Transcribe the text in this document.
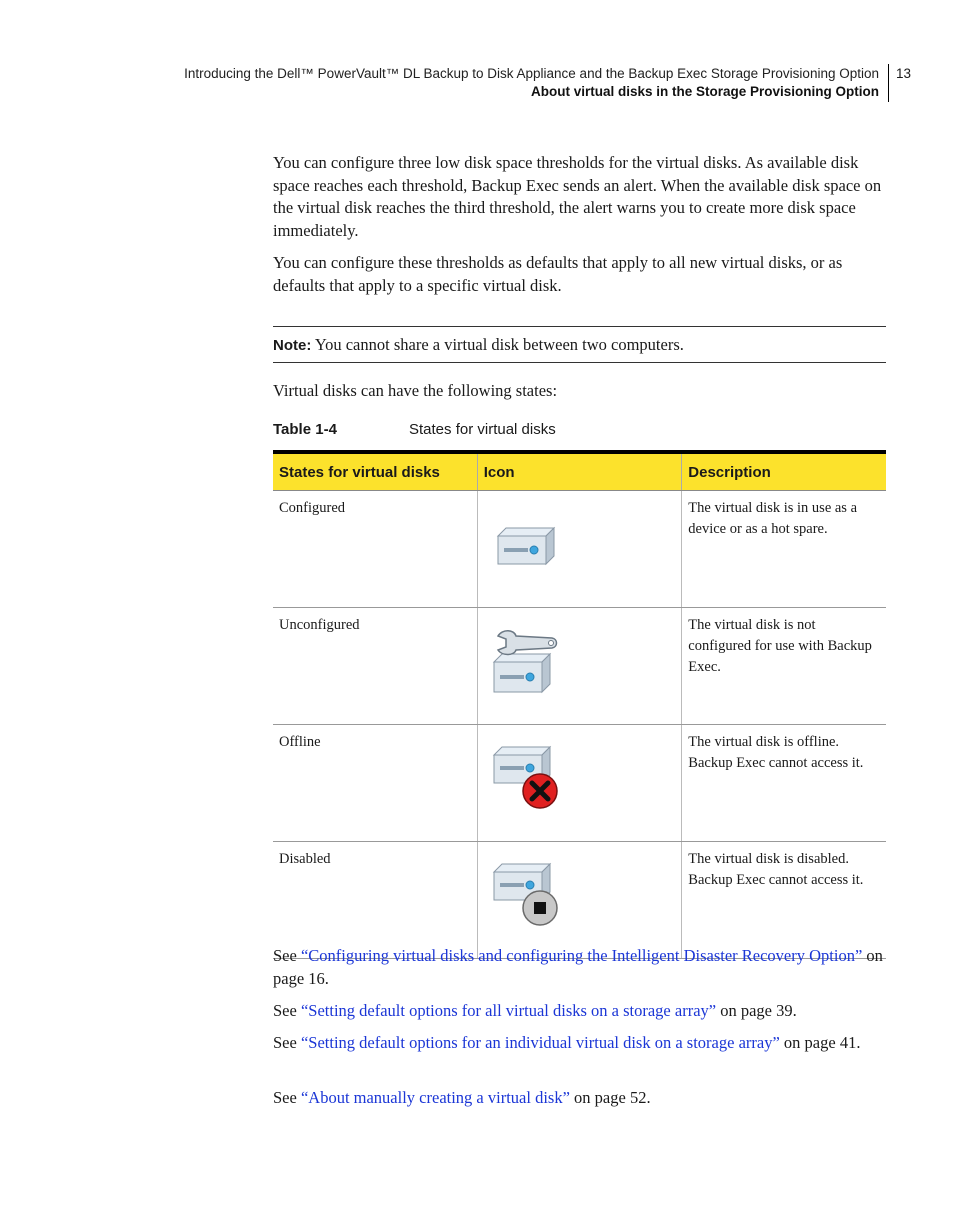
Introducing the Dell™ PowerVault™ DL Backup to Disk Appliance and the Backup Exec Storage Provisioning Option
About virtual disks in the Storage Provisioning Option
13
You can configure three low disk space thresholds for the virtual disks. As available disk space reaches each threshold, Backup Exec sends an alert. When the available disk space on the virtual disk reaches the third threshold, the alert warns you to create more disk space immediately.
You can configure these thresholds as defaults that apply to all new virtual disks, or as defaults that apply to a specific virtual disk.
Note: You cannot share a virtual disk between two computers.
Virtual disks can have the following states:
Table 1-4	States for virtual disks
States for virtual disks	Icon	Description
Configured		The virtual disk is in use as a device or as a hot spare.
Unconfigured		The virtual disk is not configured for use with Backup Exec.
Offline		The virtual disk is offline. Backup Exec cannot access it.
Disabled		The virtual disk is disabled. Backup Exec cannot access it.
See “Configuring virtual disks and configuring the Intelligent Disaster Recovery Option” on page 16.
See “Setting default options for all virtual disks on a storage array” on page 39.
See “Setting default options for an individual virtual disk on a storage array” on page 41.
See “About manually creating a virtual disk” on page 52.
